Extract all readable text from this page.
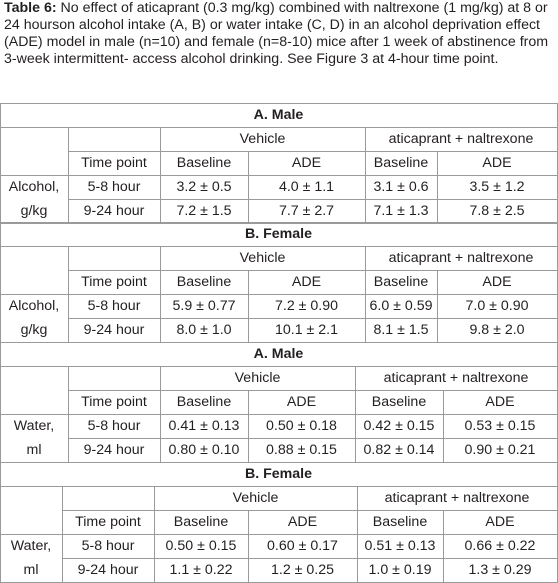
Table 6: No effect of aticaprant (0.3 mg/kg) combined with naltrexone (1 mg/kg) at 8 or 24 hourson alcohol intake (A, B) or water intake (C, D) in an alcohol deprivation effect (ADE) model in male (n=10) and female (n=8-10) mice after 1 week of abstinence from 3-week intermittent- access alcohol drinking. See Figure 3 at 4-hour time point.
A. Male
Vehicle	aticaprant + naltrexone
Time point	Baseline	ADE	Baseline	ADE
Alcohol,
g/kg
5-8 hour	3.2 ± 0.5	4.0 ± 1.1	3.1 ± 0.6	3.5 ± 1.2
9-24 hour	7.2 ± 1.5	7.7 ± 2.7	7.1 ± 1.3	7.8 ± 2.5
B. Female
Vehicle	aticaprant + naltrexone
Time point	Baseline	ADE	Baseline	ADE
Alcohol,
g/kg
5-8 hour	5.9 ± 0.77	7.2 ± 0.90	6.0 ± 0.59	7.0 ± 0.90
9-24 hour	8.0 ± 1.0	10.1 ± 2.1	8.1 ± 1.5	9.8 ± 2.0
A. Male
Vehicle	aticaprant + naltrexone
Time point	Baseline	ADE	Baseline	ADE
Water,
ml
5-8 hour	0.41 ± 0.13	0.50 ± 0.18	0.42 ± 0.15	0.53 ± 0.15
9-24 hour	0.80 ± 0.10	0.88 ± 0.15	0.82 ± 0.14	0.90 ± 0.21
B. Female
Vehicle	aticaprant + naltrexone
Time point	Baseline	ADE	Baseline	ADE
Water,
ml
5-8 hour	0.50 ± 0.15	0.60 ± 0.17	0.51 ± 0.13	0.66 ± 0.22
9-24 hour	1.1 ± 0.22	1.2 ± 0.25	1.0 ± 0.19	1.3 ± 0.29
